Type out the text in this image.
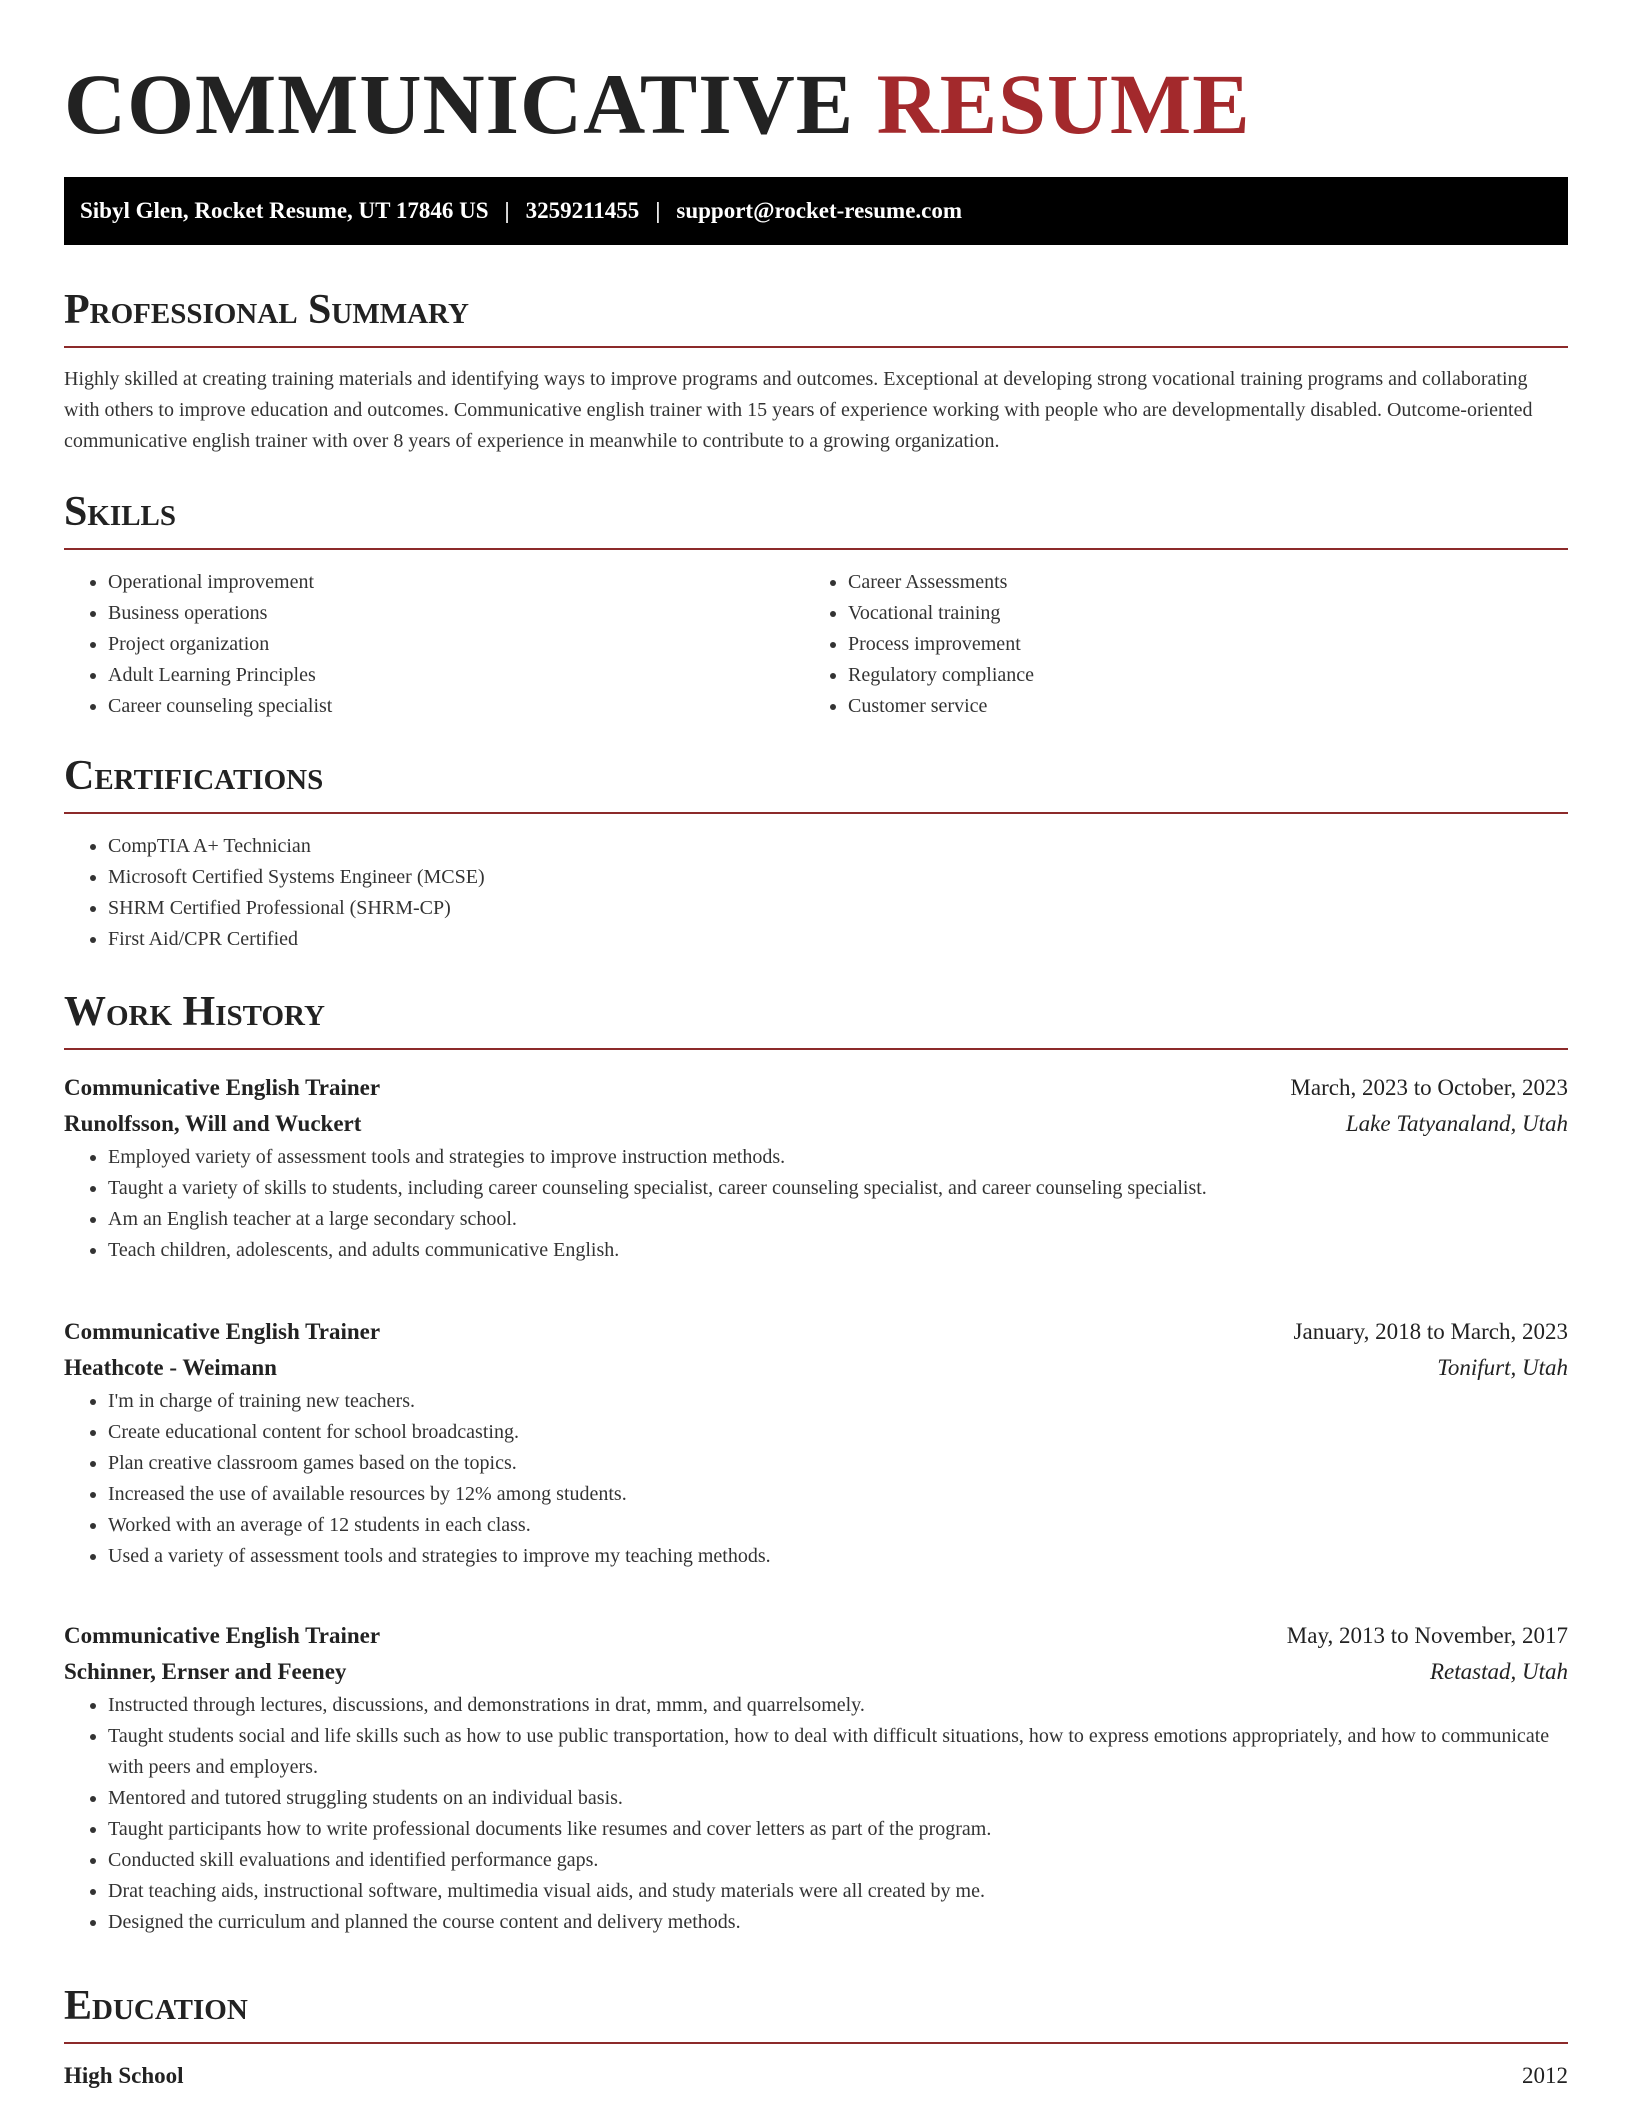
COMMUNICATIVE RESUME
Sibyl Glen, Rocket Resume, UT 17846 US | 3259211455 | support@rocket-resume.com
Professional Summary

Highly skilled at creating training materials and identifying ways to improve programs and outcomes. Exceptional at developing strong vocational training programs and collaborating with others to improve education and outcomes. Communicative english trainer with 15 years of experience working with people who are developmentally disabled. Outcome-oriented communicative english trainer with over 8 years of experience in meanwhile to contribute to a growing organization.

Skills
• Operational improvement
• Business operations
• Project organization
• Adult Learning Principles
• Career counseling specialist
• Career Assessments
• Vocational training
• Process improvement
• Regulatory compliance
• Customer service
Certifications
• CompTIA A+ Technician
• Microsoft Certified Systems Engineer (MCSE)
• SHRM Certified Professional (SHRM-CP)
• First Aid/CPR Certified
Work History
Communicative English Trainer	March, 2023 to October, 2023
Runolfsson, Will and Wuckert	Lake Tatyanaland, Utah
• Employed variety of assessment tools and strategies to improve instruction methods.
• Taught a variety of skills to students, including career counseling specialist, career counseling specialist, and career counseling specialist.
• Am an English teacher at a large secondary school.
• Teach children, adolescents, and adults communicative English.
Communicative English Trainer	January, 2018 to March, 2023
Heathcote - Weimann	Tonifurt, Utah
• I'm in charge of training new teachers.
• Create educational content for school broadcasting.
• Plan creative classroom games based on the topics.
• Increased the use of available resources by 12% among students.
• Worked with an average of 12 students in each class.
• Used a variety of assessment tools and strategies to improve my teaching methods.
Communicative English Trainer	May, 2013 to November, 2017
Schinner, Ernser and Feeney	Retastad, Utah
• Instructed through lectures, discussions, and demonstrations in drat, mmm, and quarrelsomely.
• Taught students social and life skills such as how to use public transportation, how to deal with difficult situations, how to express emotions appropriately, and how to communicate with peers and employers.
• Mentored and tutored struggling students on an individual basis.
• Taught participants how to write professional documents like resumes and cover letters as part of the program.
• Conducted skill evaluations and identified performance gaps.
• Drat teaching aids, instructional software, multimedia visual aids, and study materials were all created by me.
• Designed the curriculum and planned the course content and delivery methods.
Education
High School	2012
